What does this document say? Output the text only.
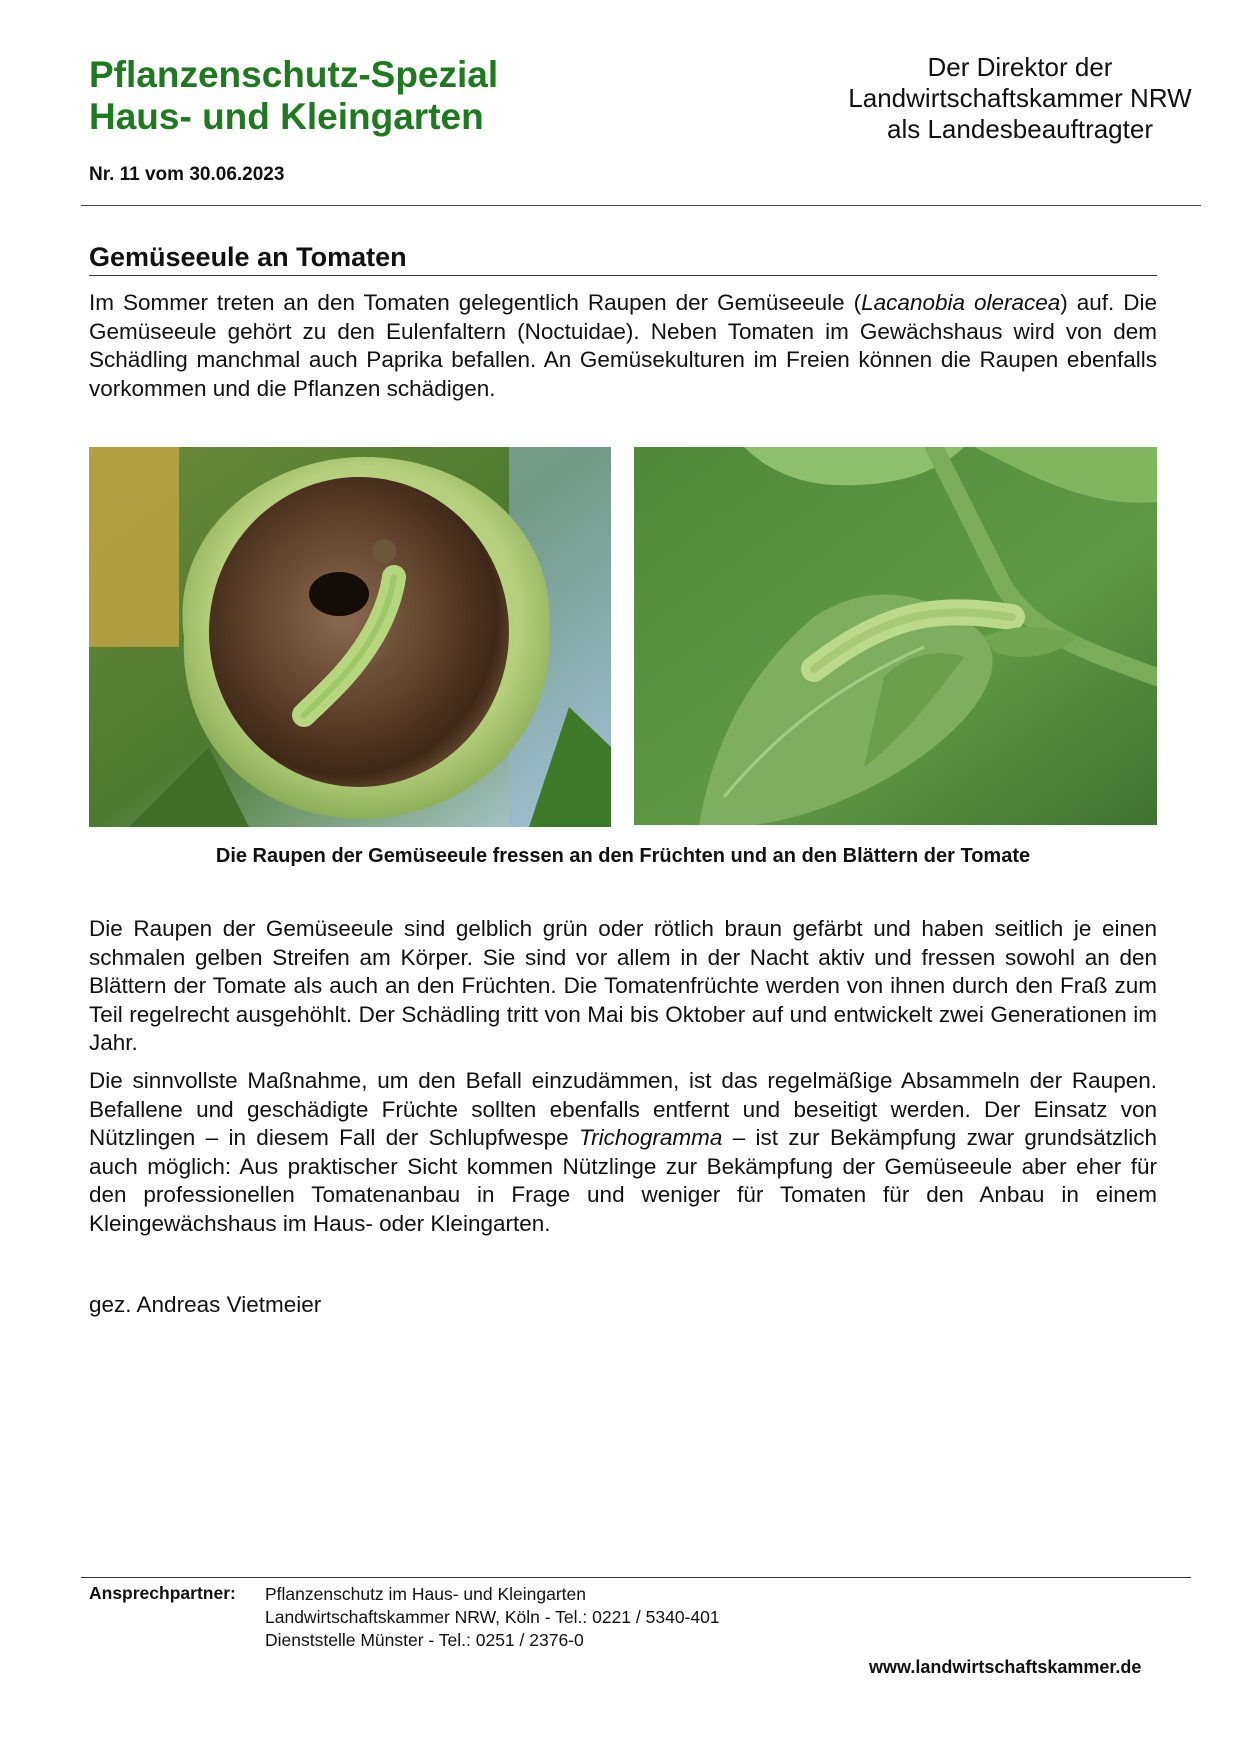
Pflanzenschutz-Spezial
Haus- und Kleingarten
Nr. 11 vom 30.06.2023
Der Direktor der
Landwirtschaftskammer NRW
als Landesbeauftragter
Gemüseeule an Tomaten
Im Sommer treten an den Tomaten gelegentlich Raupen der Gemüseeule (Lacanobia oleracea) auf. Die Gemüseeule gehört zu den Eulenfaltern (Noctuidae). Neben Tomaten im Gewächshaus wird von dem Schädling manchmal auch Paprika befallen. An Gemüsekulturen im Freien können die Raupen ebenfalls vorkommen und die Pflanzen schädigen.
Die Raupen der Gemüseeule fressen an den Früchten und an den Blättern der Tomate
Die Raupen der Gemüseeule sind gelblich grün oder rötlich braun gefärbt und haben seitlich je einen schmalen gelben Streifen am Körper. Sie sind vor allem in der Nacht aktiv und fressen sowohl an den Blättern der Tomate als auch an den Früchten. Die Tomatenfrüchte werden von ihnen durch den Fraß zum Teil regelrecht ausgehöhlt. Der Schädling tritt von Mai bis Oktober auf und entwickelt zwei Generationen im Jahr.
Die sinnvollste Maßnahme, um den Befall einzudämmen, ist das regelmäßige Absammeln der Raupen. Befallene und geschädigte Früchte sollten ebenfalls entfernt und beseitigt werden. Der Einsatz von Nützlingen – in diesem Fall der Schlupfwespe Trichogramma – ist zur Bekämpfung zwar grundsätzlich auch möglich: Aus praktischer Sicht kommen Nützlinge zur Bekämpfung der Gemüseeule aber eher für den professionellen Tomatenanbau in Frage und weniger für Tomaten für den Anbau in einem Kleingewächshaus im Haus- oder Kleingarten.
gez. Andreas Vietmeier
Ansprechpartner: Pflanzenschutz im Haus- und Kleingarten
Landwirtschaftskammer NRW, Köln - Tel.: 0221 / 5340-401
Dienststelle Münster - Tel.: 0251 / 2376-0
www.landwirtschaftskammer.de
